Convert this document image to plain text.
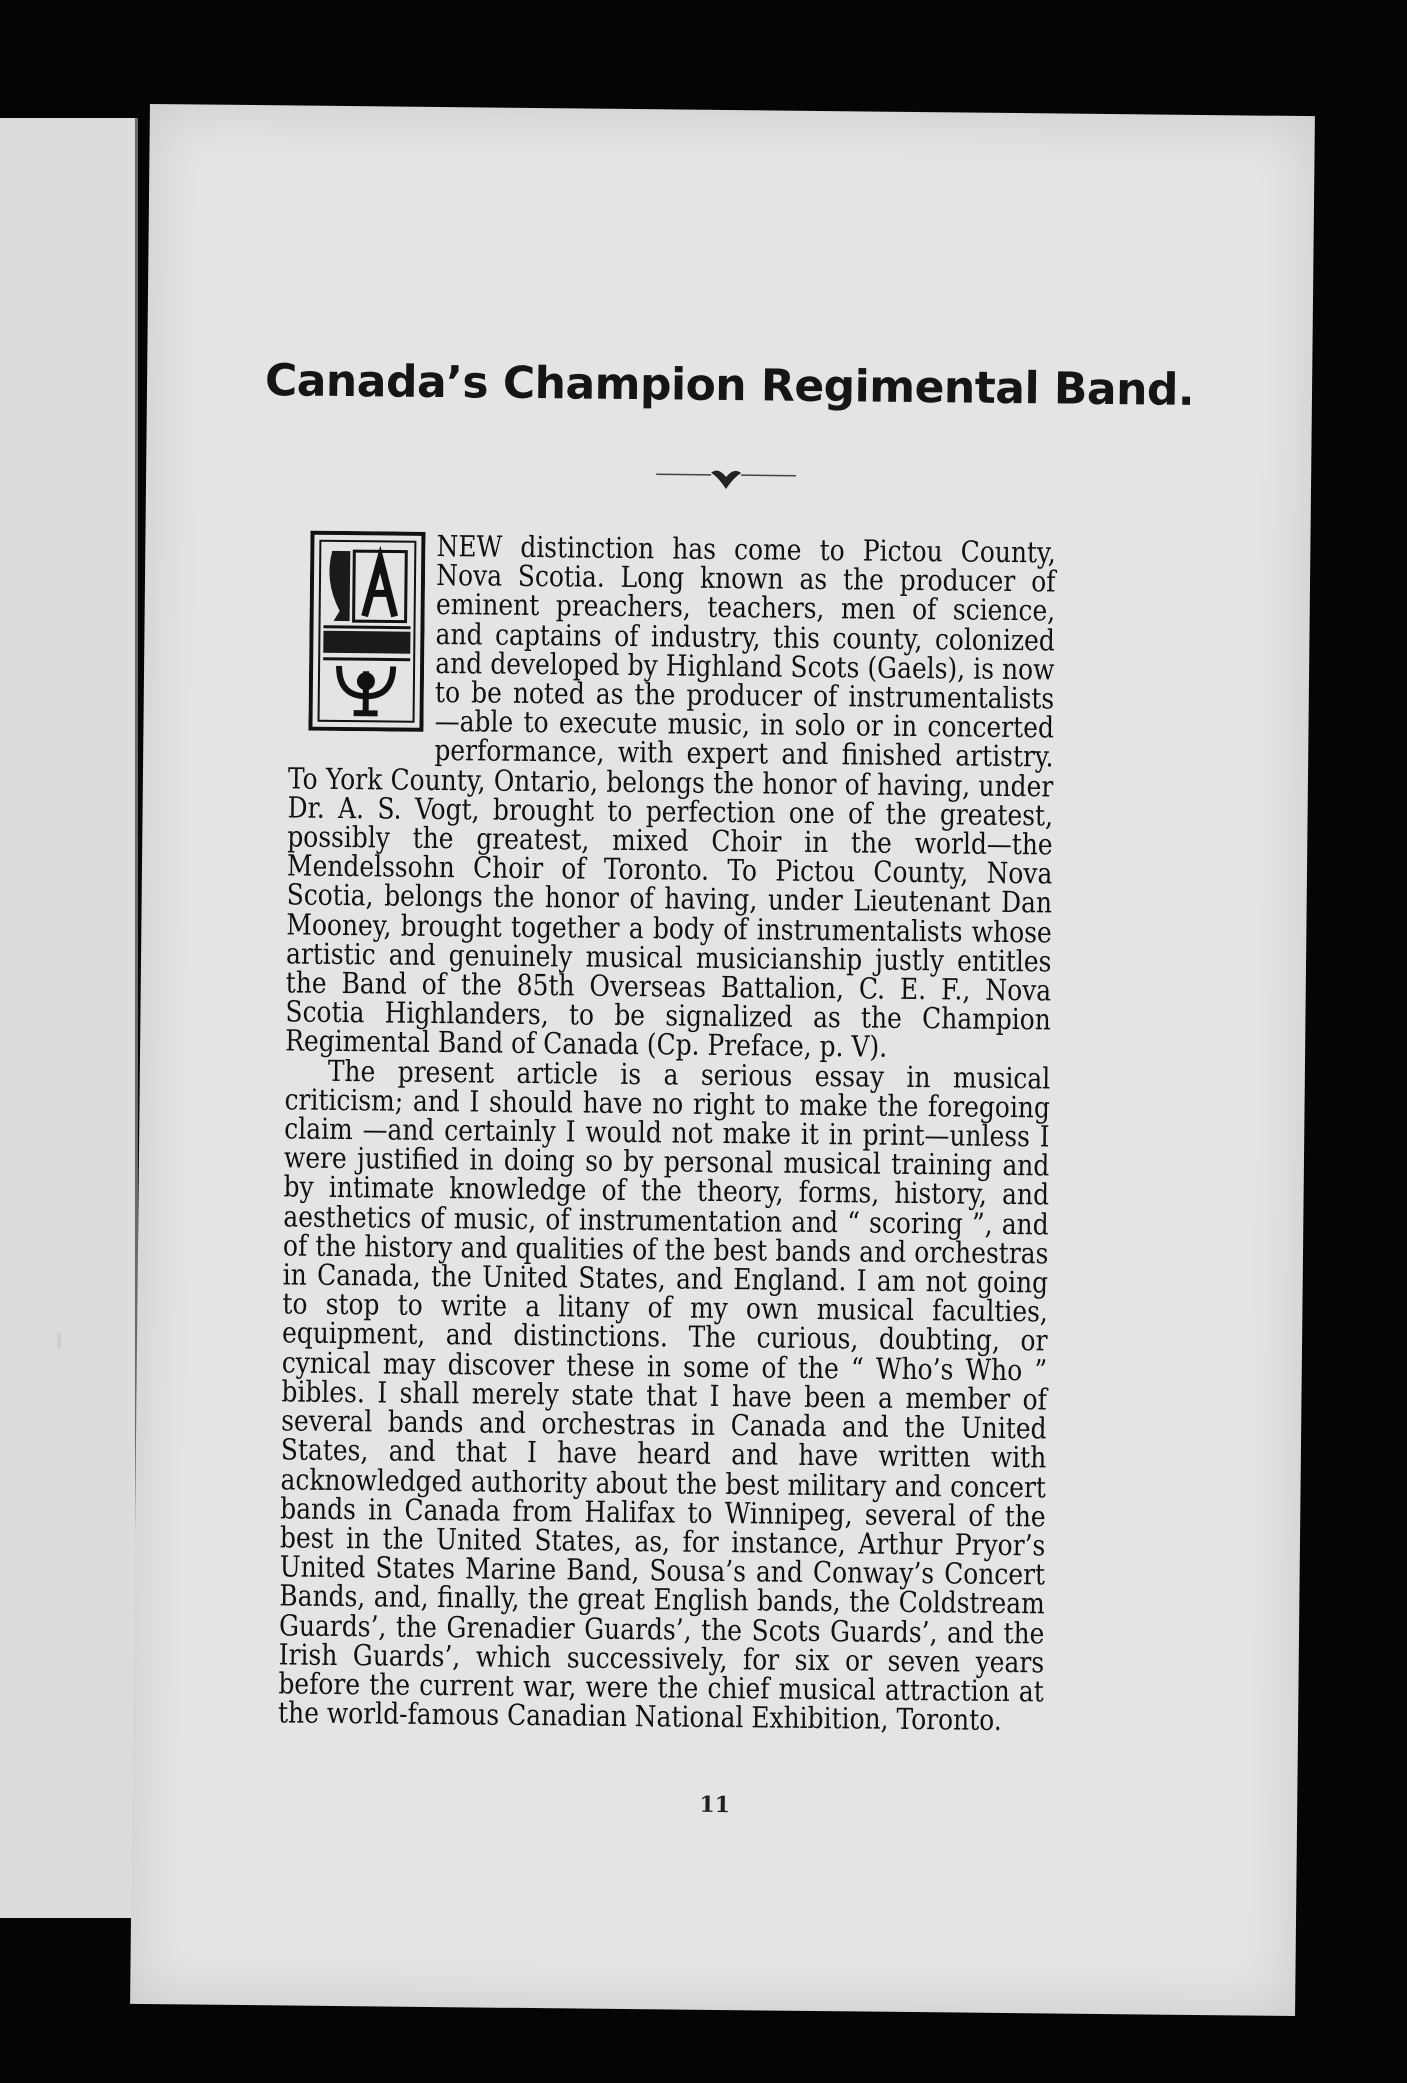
Canada’s Champion Regimental Band.

NEW distinction has come to Pictou County, Nova Scotia. Long known as the producer of eminent preachers, teachers, men of science, and captains of industry, this county, colonized and developed by Highland Scots (Gaels), is now to be noted as the producer of instrumentalists—able to execute music, in solo or in concerted performance, with expert and finished artistry. To York County, Ontario, belongs the honor of having, under Dr. A. S. Vogt, brought to perfection one of the greatest, possibly the greatest, mixed Choir in the world—the Mendelssohn Choir of Toronto. To Pictou County, Nova Scotia, belongs the honor of having, under Lieutenant Dan Mooney, brought together a body of instrumentalists whose artistic and genuinely musical musicianship justly entitles the Band of the 85th Overseas Battalion, C. E. F., Nova Scotia Highlanders, to be signalized as the Champion Regimental Band of Canada (Cp. Preface, p. V).

The present article is a serious essay in musical criticism; and I should have no right to make the foregoing claim —and certainly I would not make it in print—unless I were justified in doing so by personal musical training and by intimate knowledge of the theory, forms, history, and aesthetics of music, of instrumentation and “ scoring ”, and of the history and qualities of the best bands and orchestras in Canada, the United States, and England. I am not going to stop to write a litany of my own musical faculties, equipment, and distinctions. The curious, doubting, or cynical may discover these in some of the “ Who’s Who ” bibles. I shall merely state that I have been a member of several bands and orchestras in Canada and the United States, and that I have heard and have written with acknowledged authority about the best military and concert bands in Canada from Halifax to Winnipeg, several of the best in the United States, as, for instance, Arthur Pryor’s United States Marine Band, Sousa’s and Conway’s Concert Bands, and, finally, the great English bands, the Coldstream Guards’, the Grenadier Guards’, the Scots Guards’, and the Irish Guards’, which successively, for six or seven years before the current war, were the chief musical attraction at the world-famous Canadian National Exhibition, Toronto.

11
